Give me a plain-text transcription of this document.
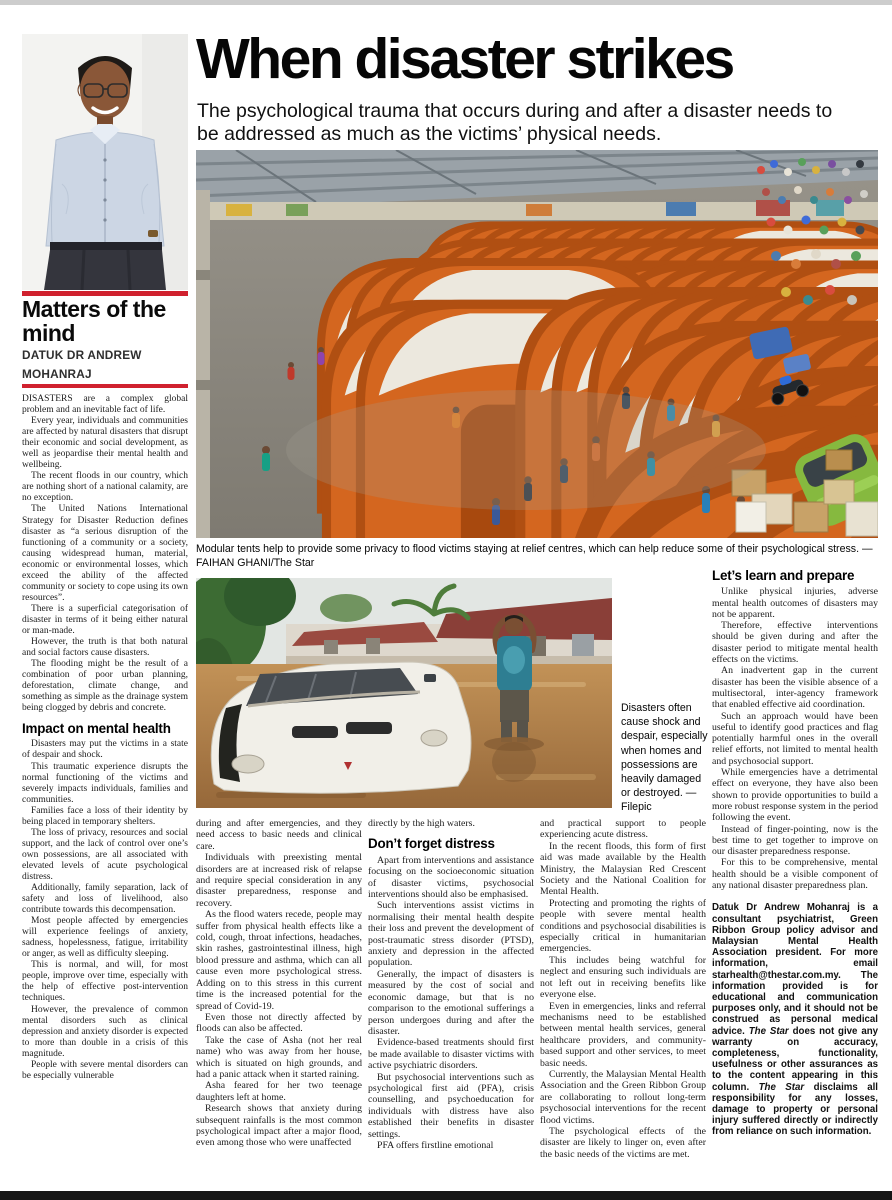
Matters of the mind
DATUK DR ANDREW MOHANRAJ

DISASTERS are a complex global problem and an inevitable fact of life.

Every year, individuals and communities are affected by natural disasters that disrupt their economic and social development, as well as jeopardise their mental health and wellbeing.

The recent floods in our country, which are nothing short of a national calamity, are no exception.

The United Nations International Strategy for Disaster Reduction defines disaster as “a serious disruption of the functioning of a community or a society, causing widespread human, material, economic or environmental losses, which exceed the ability of the affected community or society to cope using its own resources”.

There is a superficial categorisation of disaster in terms of it being either natural or man-made.

However, the truth is that both natural and social factors cause disasters.

The flooding might be the result of a combination of poor urban planning, deforestation, climate change, and something as simple as the drainage system being clogged by debris and concrete.

Impact on mental health

Disasters may put the victims in a state of despair and shock.

This traumatic experience disrupts the normal functioning of the victims and severely impacts individuals, families and communities.

Families face a loss of their identity by being placed in temporary shelters.

The loss of privacy, resources and social support, and the lack of control over one’s own possessions, are all associated with elevated levels of acute psychological distress.

Additionally, family separation, lack of safety and loss of livelihood, also contribute towards this decompensation.

Most people affected by emergencies will experience feelings of anxiety, sadness, hopelessness, fatigue, irritability or anger, as well as difficulty sleeping.

This is normal, and will, for most people, improve over time, especially with the help of effective post-intervention techniques.

However, the prevalence of common mental disorders such as clinical depression and anxiety disorder is expected to more than double in a crisis of this magnitude.

People with severe mental disorders can be especially vulnerable

When disaster strikes
The psychological trauma that occurs during and after a disaster needs to be addressed as much as the victims’ physical needs.
Modular tents help to provide some privacy to flood victims staying at relief centres, which can help reduce some of their psychological stress. — FAIHAN GHANI/The Star
Disasters often cause shock and despair, especially when homes and possessions are heavily damaged or destroyed. — Filepic

during and after emergencies, and they need access to basic needs and clinical care.

Individuals with preexisting mental disorders are at increased risk of relapse and require special consideration in any disaster preparedness, response and recovery.

As the flood waters recede, people may suffer from physical health effects like a cold, cough, throat infections, headaches, skin rashes, gastrointestinal illness, high blood pressure and asthma, which can all cause even more psychological stress. Adding on to this stress in this current time is the increased potential for the spread of Covid-19.

Even those not directly affected by floods can also be affected.

Take the case of Asha (not her real name) who was away from her house, which is situated on high grounds, and had a panic attack when it started raining.

Asha feared for her two teenage daughters left at home.

Research shows that anxiety during subsequent rainfalls is the most common psychological impact after a major flood, even among those who were unaffected

directly by the high waters.

Don’t forget distress

Apart from interventions and assistance focusing on the socioeconomic situation of disaster victims, psychosocial interventions should also be emphasised.

Such interventions assist victims in normalising their mental health despite their loss and prevent the development of post-traumatic stress disorder (PTSD), anxiety and depression in the affected population.

Generally, the impact of disasters is measured by the cost of social and economic damage, but that is no comparison to the emotional sufferings a person undergoes during and after the disaster.

Evidence-based treatments should first be made available to disaster victims with active psychiatric disorders.

But psychosocial interventions such as psychological first aid (PFA), crisis counselling, and psychoeducation for individuals with distress have also established their benefits in disaster settings.

PFA offers firstline emotional

and practical support to people experiencing acute distress.

In the recent floods, this form of first aid was made available by the Health Ministry, the Malaysian Red Crescent Society and the National Coalition for Mental Health.

Protecting and promoting the rights of people with severe mental health conditions and psychosocial disabilities is especially critical in humanitarian emergencies.

This includes being watchful for neglect and ensuring such individuals are not left out in receiving benefits like everyone else.

Even in emergencies, links and referral mechanisms need to be established between mental health services, general healthcare providers, and community-based support and other services, to meet basic needs.

Currently, the Malaysian Mental Health Association and the Green Ribbon Group are collaborating to rollout long-term psychosocial interventions for the recent flood victims.

The psychological effects of the disaster are likely to linger on, even after the basic needs of the victims are met.

Let’s learn and prepare

Unlike physical injuries, adverse mental health outcomes of disasters may not be apparent.

Therefore, effective interventions should be given during and after the disaster period to mitigate mental health effects on the victims.

An inadvertent gap in the current disaster has been the visible absence of a multisectoral, inter-agency framework that enabled effective aid coordination.

Such an approach would have been useful to identify good practices and flag potentially harmful ones in the overall relief efforts, not limited to mental health and psychosocial support.

While emergencies have a detrimental effect on everyone, they have also been shown to provide opportunities to build a more robust response system in the period following the event.

Instead of finger-pointing, now is the best time to get together to improve on our disaster preparedness response.

For this to be comprehensive, mental health should be a visible component of any national disaster preparedness plan.

Datuk Dr Andrew Mohanraj is a consultant psychiatrist, Green Ribbon Group policy advisor and Malaysian Mental Health Association president. For more information, email starhealth@thestar.com.my. The information provided is for educational and communication purposes only, and it should not be construed as personal medical advice. The Star does not give any warranty on accuracy, completeness, functionality, usefulness or other assurances as to the content appearing in this column. The Star disclaims all responsibility for any losses, damage to property or personal injury suffered directly or indirectly from reliance on such information.
